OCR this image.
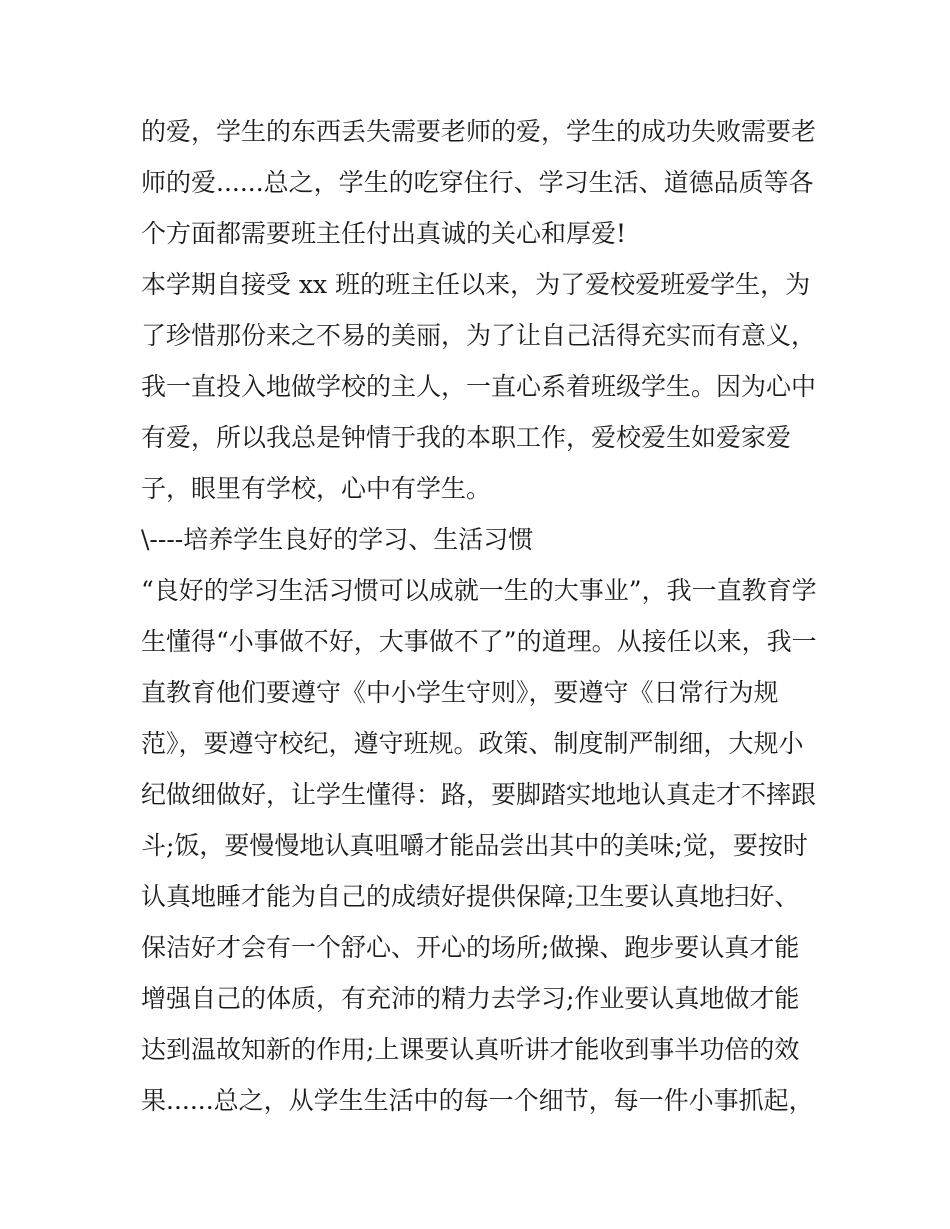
的爱，学生的东西丢失需要老师的爱，学生的成功失败需要老
师的爱......总之，学生的吃穿住行、学习生活、道德品质等各
个方面都需要班主任付出真诚的关心和厚爱!
本学期自接受 xx 班的班主任以来，为了爱校爱班爱学生，为
了珍惜那份来之不易的美丽，为了让自己活得充实而有意义，
我一直投入地做学校的主人，一直心系着班级学生。因为心中
有爱，所以我总是钟情于我的本职工作，爱校爱生如爱家爱
子，眼里有学校，心中有学生。
\----培养学生良好的学习、生活习惯
“良好的学习生活习惯可以成就一生的大事业”，我一直教育学
生懂得“小事做不好，大事做不了”的道理。从接任以来，我一
直教育他们要遵守《中小学生守则》，要遵守《日常行为规
范》，要遵守校纪，遵守班规。政策、制度制严制细，大规小
纪做细做好，让学生懂得：路，要脚踏实地地认真走才不摔跟
斗;饭，要慢慢地认真咀嚼才能品尝出其中的美味;觉，要按时
认真地睡才能为自己的成绩好提供保障;卫生要认真地扫好、
保洁好才会有一个舒心、开心的场所;做操、跑步要认真才能
增强自己的体质，有充沛的精力去学习;作业要认真地做才能
达到温故知新的作用;上课要认真听讲才能收到事半功倍的效
果......总之，从学生生活中的每一个细节，每一件小事抓起，
